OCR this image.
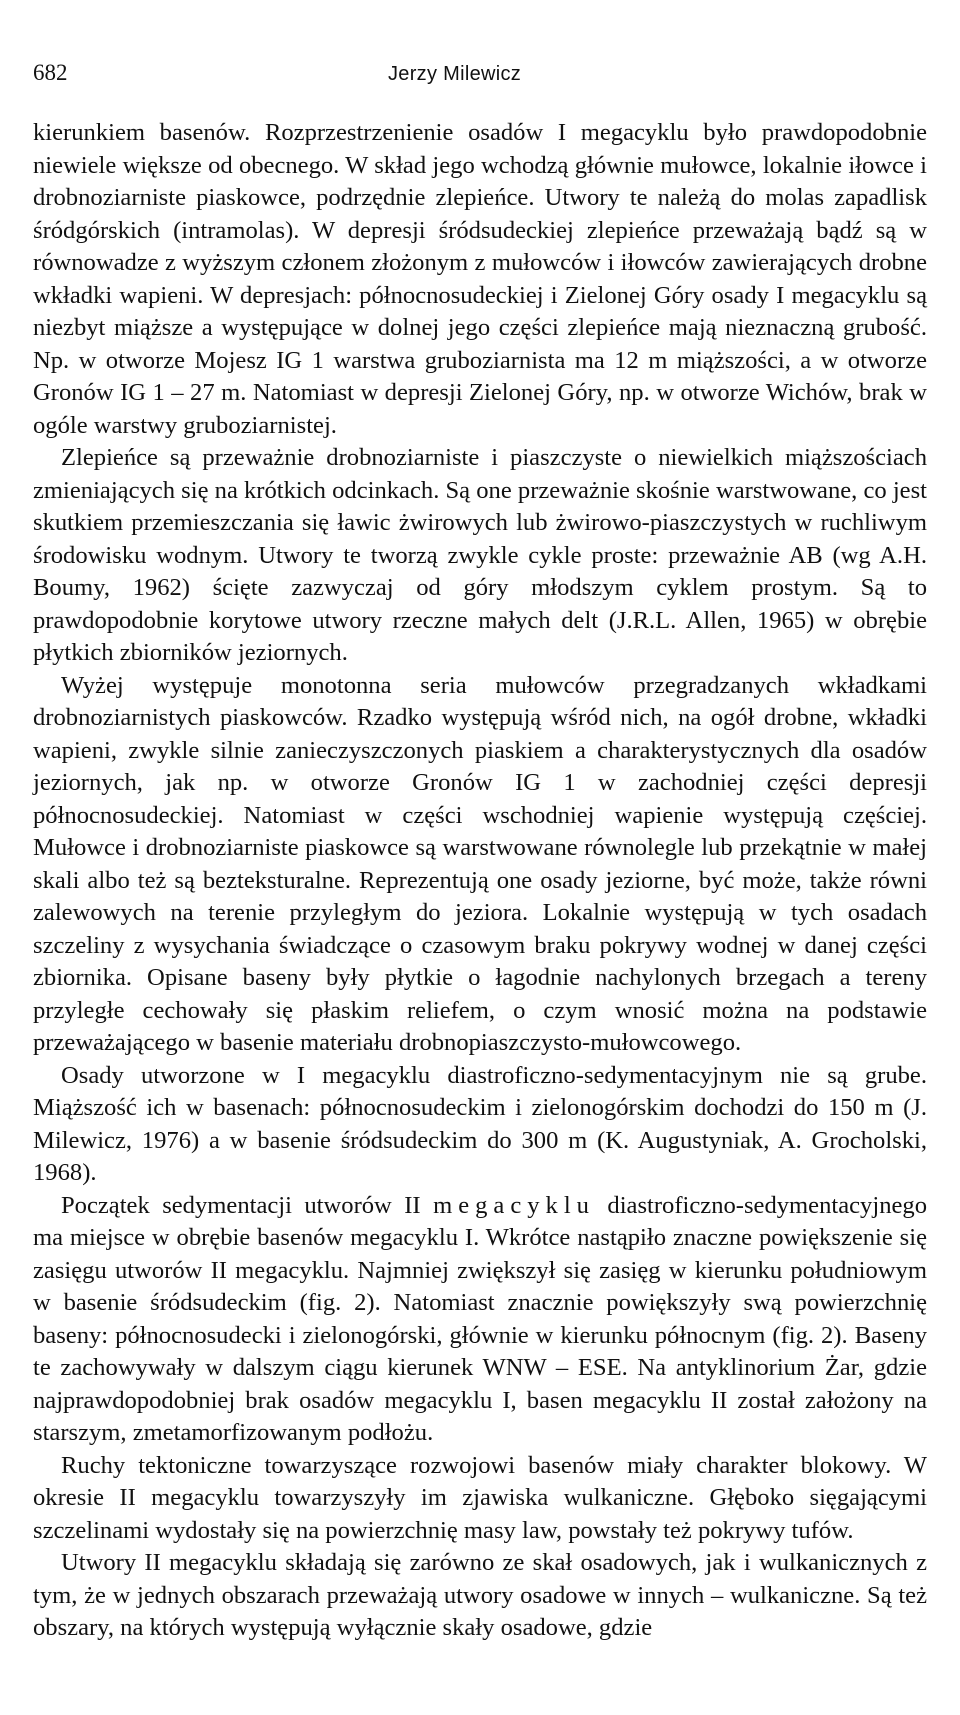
682	Jerzy Milewicz

kierunkiem basenów. Rozprzestrzenienie osadów I megacyklu było prawdopodobnie niewiele większe od obecnego. W skład jego wchodzą głównie mułowce, lokalnie iłowce i drobnoziarniste piaskowce, podrzędnie zlepieńce. Utwory te należą do molas zapadlisk śródgórskich (intramolas). W depresji śródsudeckiej zlepieńce przeważają bądź są w równowadze z wyższym członem złożonym z mułowców i iłowców zawierających drobne wkładki wapieni. W depresjach: północnosudeckiej i Zielonej Góry osady I megacyklu są niezbyt miąższe a występujące w dolnej jego części zlepieńce mają nieznaczną grubość. Np. w otworze Mojesz IG 1 warstwa gruboziarnista ma 12 m miąższości, a w otworze Gronów IG 1 – 27 m. Natomiast w depresji Zielonej Góry, np. w otworze Wichów, brak w ogóle warstwy gruboziarnistej.

Zlepieńce są przeważnie drobnoziarniste i piaszczyste o niewielkich miąższościach zmieniających się na krótkich odcinkach. Są one przeważnie skośnie warstwowane, co jest skutkiem przemieszczania się ławic żwirowych lub żwirowo-piaszczystych w ruchliwym środowisku wodnym. Utwory te tworzą zwykle cykle proste: przeważnie AB (wg A.H. Boumy, 1962) ścięte zazwyczaj od góry młodszym cyklem prostym. Są to prawdopodobnie korytowe utwory rzeczne małych delt (J.R.L. Allen, 1965) w obrębie płytkich zbiorników jeziornych.

Wyżej występuje monotonna seria mułowców przegradzanych wkładkami drobnoziarnistych piaskowców. Rzadko występują wśród nich, na ogół drobne, wkładki wapieni, zwykle silnie zanieczyszczonych piaskiem a charakterystycznych dla osadów jeziornych, jak np. w otworze Gronów IG 1 w zachodniej części depresji północnosudeckiej. Natomiast w części wschodniej wapienie występują częściej. Mułowce i drobnoziarniste piaskowce są warstwowane równolegle lub przekątnie w małej skali albo też są bezteksturalne. Reprezentują one osady jeziorne, być może, także równi zalewowych na terenie przyległym do jeziora. Lokalnie występują w tych osadach szczeliny z wysychania świadczące o czasowym braku pokrywy wodnej w danej części zbiornika. Opisane baseny były płytkie o łagodnie nachylonych brzegach a tereny przyległe cechowały się płaskim reliefem, o czym wnosić można na podstawie przeważającego w basenie materiału drobnopiaszczysto-mułowcowego.

Osady utworzone w I megacyklu diastroficzno-sedymentacyjnym nie są grube. Miąższość ich w basenach: północnosudeckim i zielonogórskim dochodzi do 150 m (J. Milewicz, 1976) a w basenie śródsudeckim do 300 m (K. Augustyniak, A. Grocholski, 1968).

Początek sedymentacji utworów II megacyklu diastroficzno-sedymentacyjnego ma miejsce w obrębie basenów megacyklu I. Wkrótce nastąpiło znaczne powiększenie się zasięgu utworów II megacyklu. Najmniej zwiększył się zasięg w kierunku południowym w basenie śródsudeckim (fig. 2). Natomiast znacznie powiększyły swą powierzchnię baseny: północnosudecki i zielonogórski, głównie w kierunku północnym (fig. 2). Baseny te zachowywały w dalszym ciągu kierunek WNW – ESE. Na antyklinorium Żar, gdzie najprawdopodobniej brak osadów megacyklu I, basen megacyklu II został założony na starszym, zmetamorfizowanym podłożu.

Ruchy tektoniczne towarzyszące rozwojowi basenów miały charakter blokowy. W okresie II megacyklu towarzyszyły im zjawiska wulkaniczne. Głęboko sięgającymi szczelinami wydostały się na powierzchnię masy law, powstały też pokrywy tufów.

Utwory II megacyklu składają się zarówno ze skał osadowych, jak i wulkanicznych z tym, że w jednych obszarach przeważają utwory osadowe w innych – wulkaniczne. Są też obszary, na których występują wyłącznie skały osadowe, gdzie
